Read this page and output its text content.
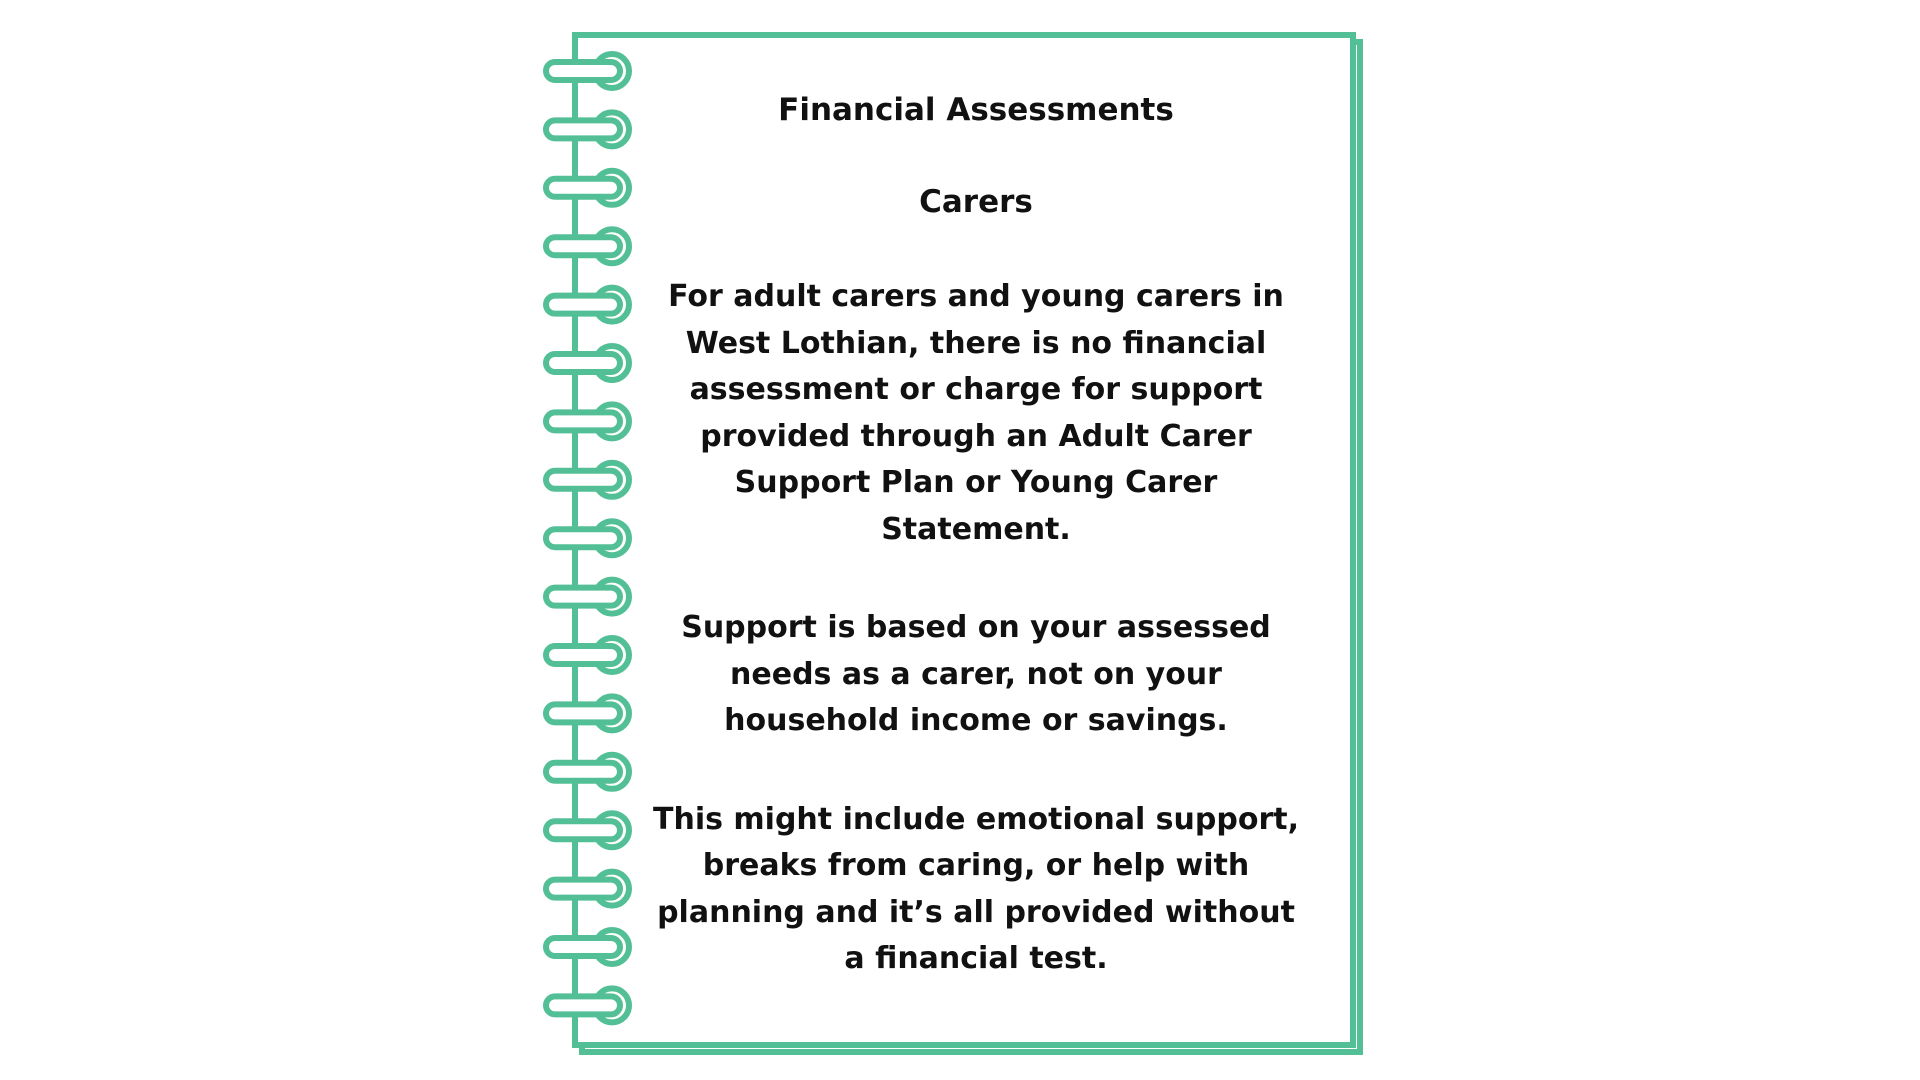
Financial Assessments
Carers
For adult carers and young carers in West Lothian, there is no financial assessment or charge for support provided through an Adult Carer Support Plan or Young Carer Statement.
Support is based on your assessed needs as a carer, not on your household income or savings.
This might include emotional support, breaks from caring, or help with planning and it’s all provided without a financial test.
